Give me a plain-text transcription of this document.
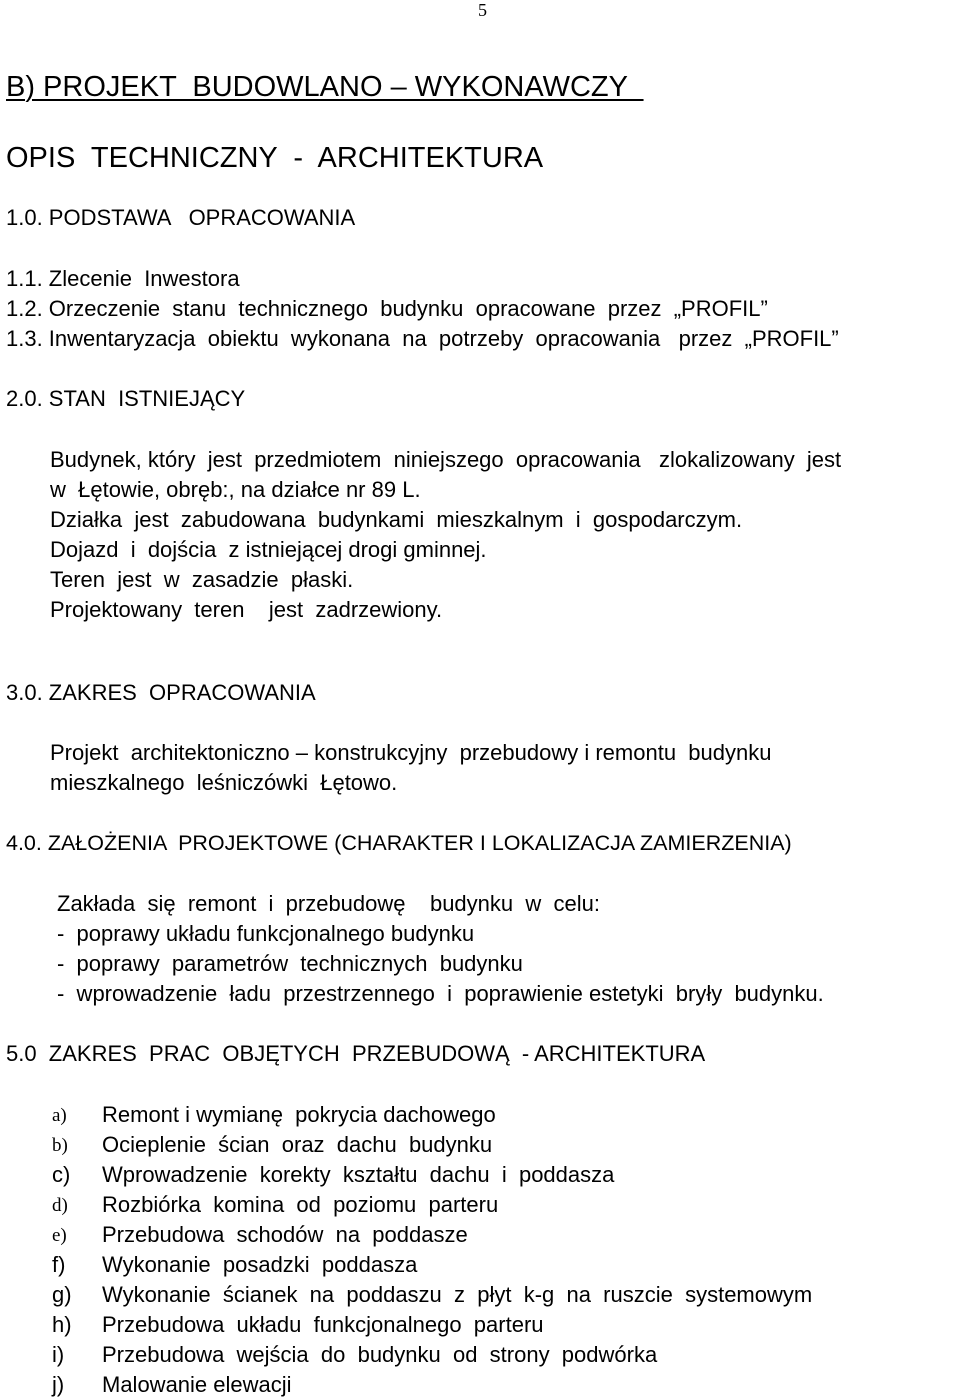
5
B) PROJEKT  BUDOWLANO – WYKONAWCZY
OPIS  TECHNICZNY  -  ARCHITEKTURA
1.0. PODSTAWA   OPRACOWANIA
1.1. Zlecenie  Inwestora
1.2. Orzeczenie  stanu  technicznego  budynku  opracowane  przez  „PROFIL”
1.3. Inwentaryzacja  obiektu  wykonana  na  potrzeby  opracowania   przez  „PROFIL”
2.0. STAN  ISTNIEJĄCY
Budynek, który  jest  przedmiotem  niniejszego  opracowania   zlokalizowany  jest
w  Łętowie, obręb:, na działce nr 89 L.
Działka  jest  zabudowana  budynkami  mieszkalnym  i  gospodarczym.
Dojazd  i  dojścia  z istniejącej drogi gminnej.
Teren  jest  w  zasadzie  płaski.
Projektowany  teren    jest  zadrzewiony.
3.0. ZAKRES  OPRACOWANIA
Projekt  architektoniczno – konstrukcyjny  przebudowy i remontu  budynku
mieszkalnego  leśniczówki  Łętowo.
4.0. ZAŁOŻENIA  PROJEKTOWE (CHARAKTER I LOKALIZACJA ZAMIERZENIA)
Zakłada  się  remont  i  przebudowę    budynku  w  celu:
-  poprawy układu funkcjonalnego budynku
-  poprawy  parametrów  technicznych  budynku
-  wprowadzenie  ładu  przestrzennego  i  poprawienie estetyki  bryły  budynku.
5.0  ZAKRES  PRAC  OBJĘTYCH  PRZEBUDOWĄ  - ARCHITEKTURA
a) Remont i wymianę  pokrycia dachowego
b) Ocieplenie  ścian  oraz  dachu  budynku
c) Wprowadzenie  korekty  kształtu  dachu  i  poddasza
d) Rozbiórka  komina  od  poziomu  parteru
e) Przebudowa  schodów  na  poddasze
f) Wykonanie  posadzki  poddasza
g) Wykonanie  ścianek  na  poddaszu  z  płyt  k-g  na  ruszcie  systemowym
h) Przebudowa  układu  funkcjonalnego  parteru
i) Przebudowa  wejścia  do  budynku  od  strony  podwórka
j) Malowanie elewacji
